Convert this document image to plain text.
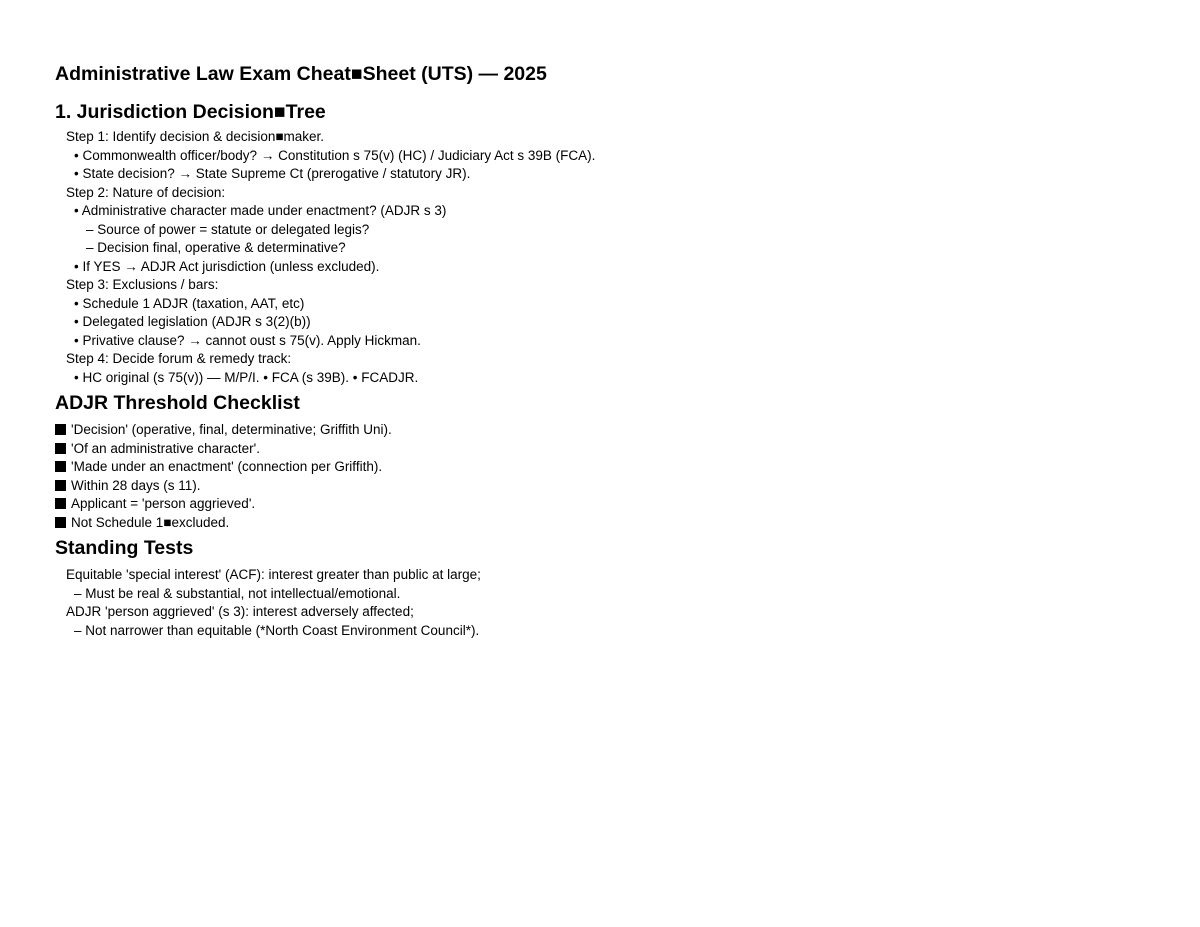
Administrative Law Exam Cheat■Sheet (UTS) — 2025
1. Jurisdiction Decision■Tree
Step 1: Identify decision & decision■maker.
• Commonwealth officer/body? → Constitution s 75(v) (HC) / Judiciary Act s 39B (FCA).
• State decision? → State Supreme Ct (prerogative / statutory JR).
Step 2: Nature of decision:
• Administrative character made under enactment? (ADJR s 3)
– Source of power = statute or delegated legis?
– Decision final, operative & determinative?
• If YES → ADJR Act jurisdiction (unless excluded).
Step 3: Exclusions / bars:
• Schedule 1 ADJR (taxation, AAT, etc)
• Delegated legislation (ADJR s 3(2)(b))
• Privative clause? → cannot oust s 75(v). Apply Hickman.
Step 4: Decide forum & remedy track:
• HC original (s 75(v)) — M/P/I. • FCA (s 39B). • FCADJR.
ADJR Threshold Checklist
'Decision' (operative, final, determinative; Griffith Uni).
'Of an administrative character'.
'Made under an enactment' (connection per Griffith).
Within 28 days (s 11).
Applicant = 'person aggrieved'.
Not Schedule 1■excluded.
Standing Tests
Equitable 'special interest' (ACF): interest greater than public at large;
– Must be real & substantial, not intellectual/emotional.
ADJR 'person aggrieved' (s 3): interest adversely affected;
– Not narrower than equitable (*North Coast Environment Council*).
